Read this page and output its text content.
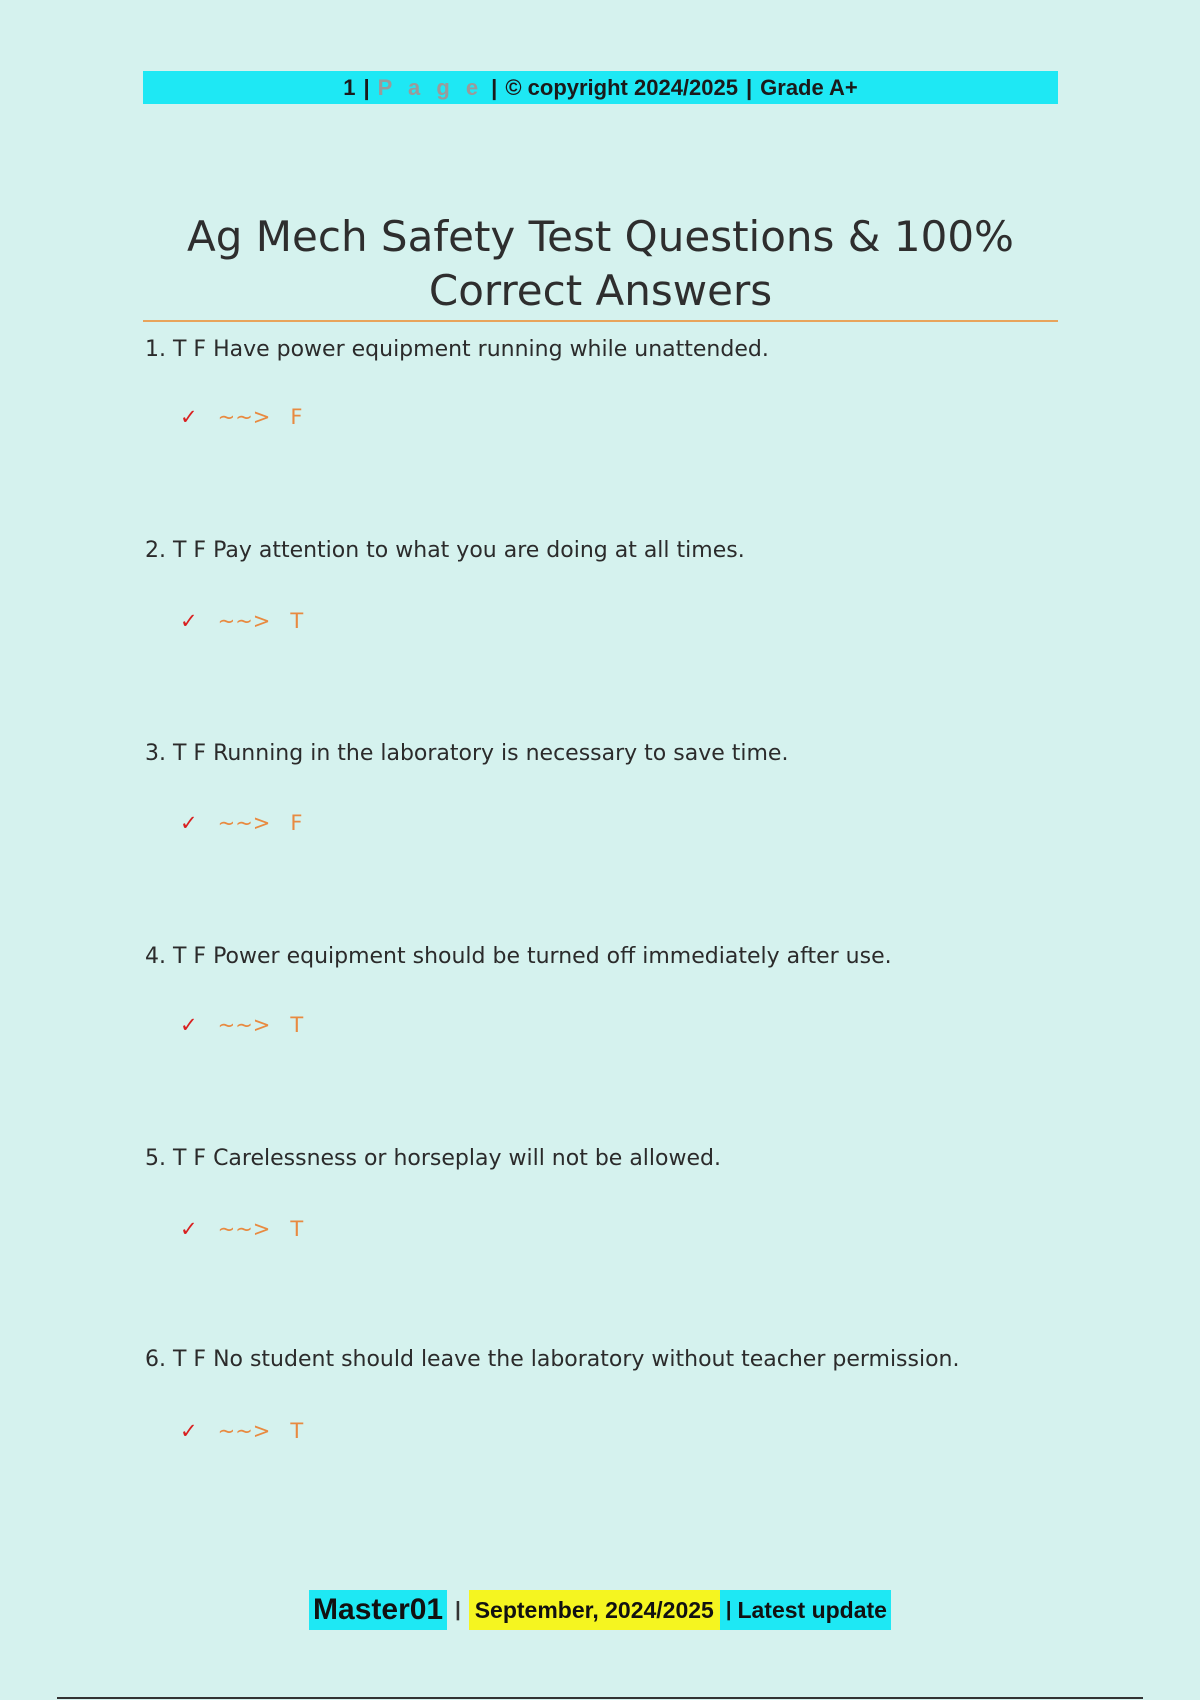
1 | P a g e | © copyright 2024/2025 | Grade A+
Ag Mech Safety Test Questions & 100%
Correct Answers
1. T F Have power equipment running while unattended.
✓ ~~> F
2. T F Pay attention to what you are doing at all times.
✓ ~~> T
3. T F Running in the laboratory is necessary to save time.
✓ ~~> F
4. T F Power equipment should be turned off immediately after use.
✓ ~~> T
5. T F Carelessness or horseplay will not be allowed.
✓ ~~> T
6. T F No student should leave the laboratory without teacher permission.
✓ ~~> T
Master01 | September, 2024/2025 | Latest update
